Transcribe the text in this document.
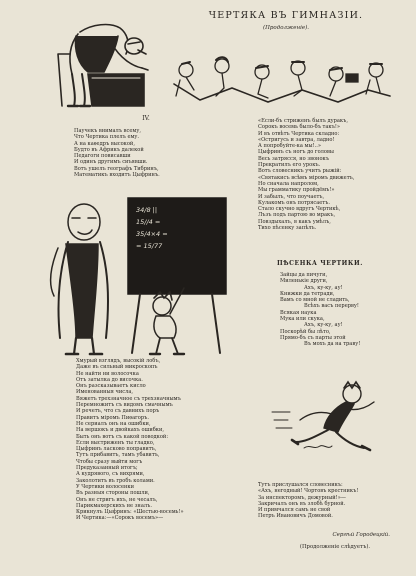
ЧЕРТЯКА ВЪ ГИМНАЗІИ.
(Продолженіе).
IV.
Паучекъ внималъ всему,
Что Чертика плелъ ему.
А на каѳедръ высокой,
Будто въ Африкъ далекой
Педагоги повисавши
И одинъ другимъ сиъявши.
Вотъ ушелъ географъ Тибринъ,
Математикъ входитъ Цыфринъ.
34/8 ||
15//4 =
35/4×4 =
= 15/77
Хмурый взглядъ, высокій лобъ,
Даже въ сильный микроскопъ
Не найти ни волосочка
Отъ затылка до височка.
Онъ разсказываетъ кисло
Именованныя числа,
Вяжетъ трехзначное съ трехзначнымъ
Перемножитъ съ видомъ смачнымъ
И речетъ, что съ давнихъ поръ
Правитъ міромъ Пиѳагоръ.
Не сериалъ онъ на ошибки,
На вершокъ и двойкахъ ошибки,
Быть онъ вотъ съ какой поводкой:
Если выстриженъ ты гладко,
Цыфринъ ласково поправитъ,
Тутъ прибавитъ, тамъ убавитъ,
Чтобы сразу выйти могъ
Предуказанный итогъ;
А кудрявого, съ вихрями,
Заколотитъ въ гробъ колами.
У Чертики волосенки
Въ разныя стороны пошли,
Онъ не стригъ ихъ, не чесалъ,
Парикмахерскихъ не зналъ.
Крикнулъ Цыфринъ: «Шестью-восемь!»
И Чертика:—«Сорокъ восемъ»—
«Если-бъ стриженъ былъ дуракъ,
Сорокъ восемь было-бъ такъ!»
И въ отвѣтъ Чертика складно:
«Остригусь и завтра, ладно!
А попробуйте-ка мы!..»
Цыфринъ съ ногъ до головы
Весь затрясся, но звонокъ
Прекратилъ его урокъ.
Вотъ словесникъ учитъ рыжій:
«Святакисъ всѣмъ міромъ движетъ,
Но сначала напролом,
Мы грамматику пройдёмъ!»
И забылъ, что поучаетъ,
Кулакомъ онъ потрясаетъ.
Стало скучно вдругъ Чертикѣ,
Лъзъ подъ партою во мракъ,
Повздыхалъ, в какъ умѣлъ,
Тихо пѣсенку запѣлъ.
ПѢСЕНКА ЧЕРТИКИ.
Зайцы да пичуги,
Миленькіе други,
Ахъ, ку-ку, ау!
Книжки да тетради,
Вамъ со мной не сладить,
Всѣхъ васъ перерву!
Всякая наука
Мука или скука,
Ахъ, ку-ку, ау!
Поскорѣй бы лѣто,
Прямо-бъ съ парты этой
Въ мохъ да на траву!
Тутъ прислушался словесникъ:
«Ахъ, негодный! Чортовъ крестникъ!
За инспекторомъ, дежурный!»—
Закричалъ онъ въ злобѣ бурной.
И примчался самъ не свой
Петръ Ивановичъ Домовой.
Сергѣй Городецкій.
(Продолженіе слѣдуетъ).
